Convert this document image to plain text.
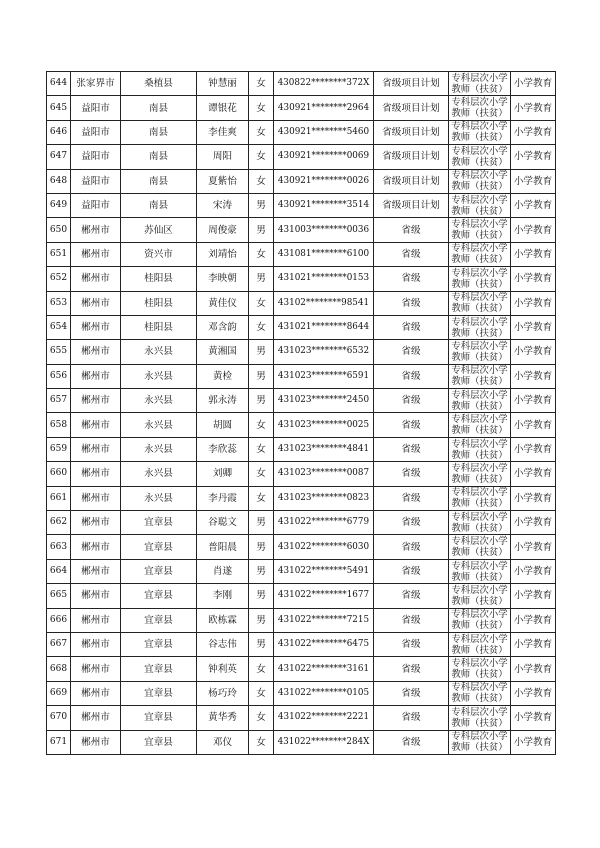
644	张家界市	桑植县	钟慧丽	女	430822********372X	省级项目计划	专科层次小学教师（扶贫）	小学教育
645	益阳市	南县	谭银花	女	430921********2964	省级项目计划	专科层次小学教师（扶贫）	小学教育
646	益阳市	南县	李佳爽	女	430921********5460	省级项目计划	专科层次小学教师（扶贫）	小学教育
647	益阳市	南县	周阳	女	430921********0069	省级项目计划	专科层次小学教师（扶贫）	小学教育
648	益阳市	南县	夏紫怡	女	430921********0026	省级项目计划	专科层次小学教师（扶贫）	小学教育
649	益阳市	南县	宋涛	男	430921********3514	省级项目计划	专科层次小学教师（扶贫）	小学教育
650	郴州市	苏仙区	周俊豪	男	431003********0036	省级	专科层次小学教师（扶贫）	小学教育
651	郴州市	资兴市	刘靖怡	女	431081********6100	省级	专科层次小学教师（扶贫）	小学教育
652	郴州市	桂阳县	李映朝	男	431021********0153	省级	专科层次小学教师（扶贫）	小学教育
653	郴州市	桂阳县	黄佳仪	女	43102********98541	省级	专科层次小学教师（扶贫）	小学教育
654	郴州市	桂阳县	邓含韵	女	431021********8644	省级	专科层次小学教师（扶贫）	小学教育
655	郴州市	永兴县	黄湘国	男	431023********6532	省级	专科层次小学教师（扶贫）	小学教育
656	郴州市	永兴县	黄检	男	431023********6591	省级	专科层次小学教师（扶贫）	小学教育
657	郴州市	永兴县	郭永涛	男	431023********2450	省级	专科层次小学教师（扶贫）	小学教育
658	郴州市	永兴县	胡圆	女	431023********0025	省级	专科层次小学教师（扶贫）	小学教育
659	郴州市	永兴县	李欣蕊	女	431023********4841	省级	专科层次小学教师（扶贫）	小学教育
660	郴州市	永兴县	刘卿	女	431023********0087	省级	专科层次小学教师（扶贫）	小学教育
661	郴州市	永兴县	李丹霞	女	431023********0823	省级	专科层次小学教师（扶贫）	小学教育
662	郴州市	宜章县	谷聪文	男	431022********6779	省级	专科层次小学教师（扶贫）	小学教育
663	郴州市	宜章县	普阳晨	男	431022********6030	省级	专科层次小学教师（扶贫）	小学教育
664	郴州市	宜章县	肖遂	男	431022********5491	省级	专科层次小学教师（扶贫）	小学教育
665	郴州市	宜章县	李刚	男	431022********1677	省级	专科层次小学教师（扶贫）	小学教育
666	郴州市	宜章县	欧栋霖	男	431022********7215	省级	专科层次小学教师（扶贫）	小学教育
667	郴州市	宜章县	谷志伟	男	431022********6475	省级	专科层次小学教师（扶贫）	小学教育
668	郴州市	宜章县	钟利英	女	431022********3161	省级	专科层次小学教师（扶贫）	小学教育
669	郴州市	宜章县	杨巧玲	女	431022********0105	省级	专科层次小学教师（扶贫）	小学教育
670	郴州市	宜章县	黄华秀	女	431022********2221	省级	专科层次小学教师（扶贫）	小学教育
671	郴州市	宜章县	邓仪	女	431022********284X	省级	专科层次小学教师（扶贫）	小学教育
